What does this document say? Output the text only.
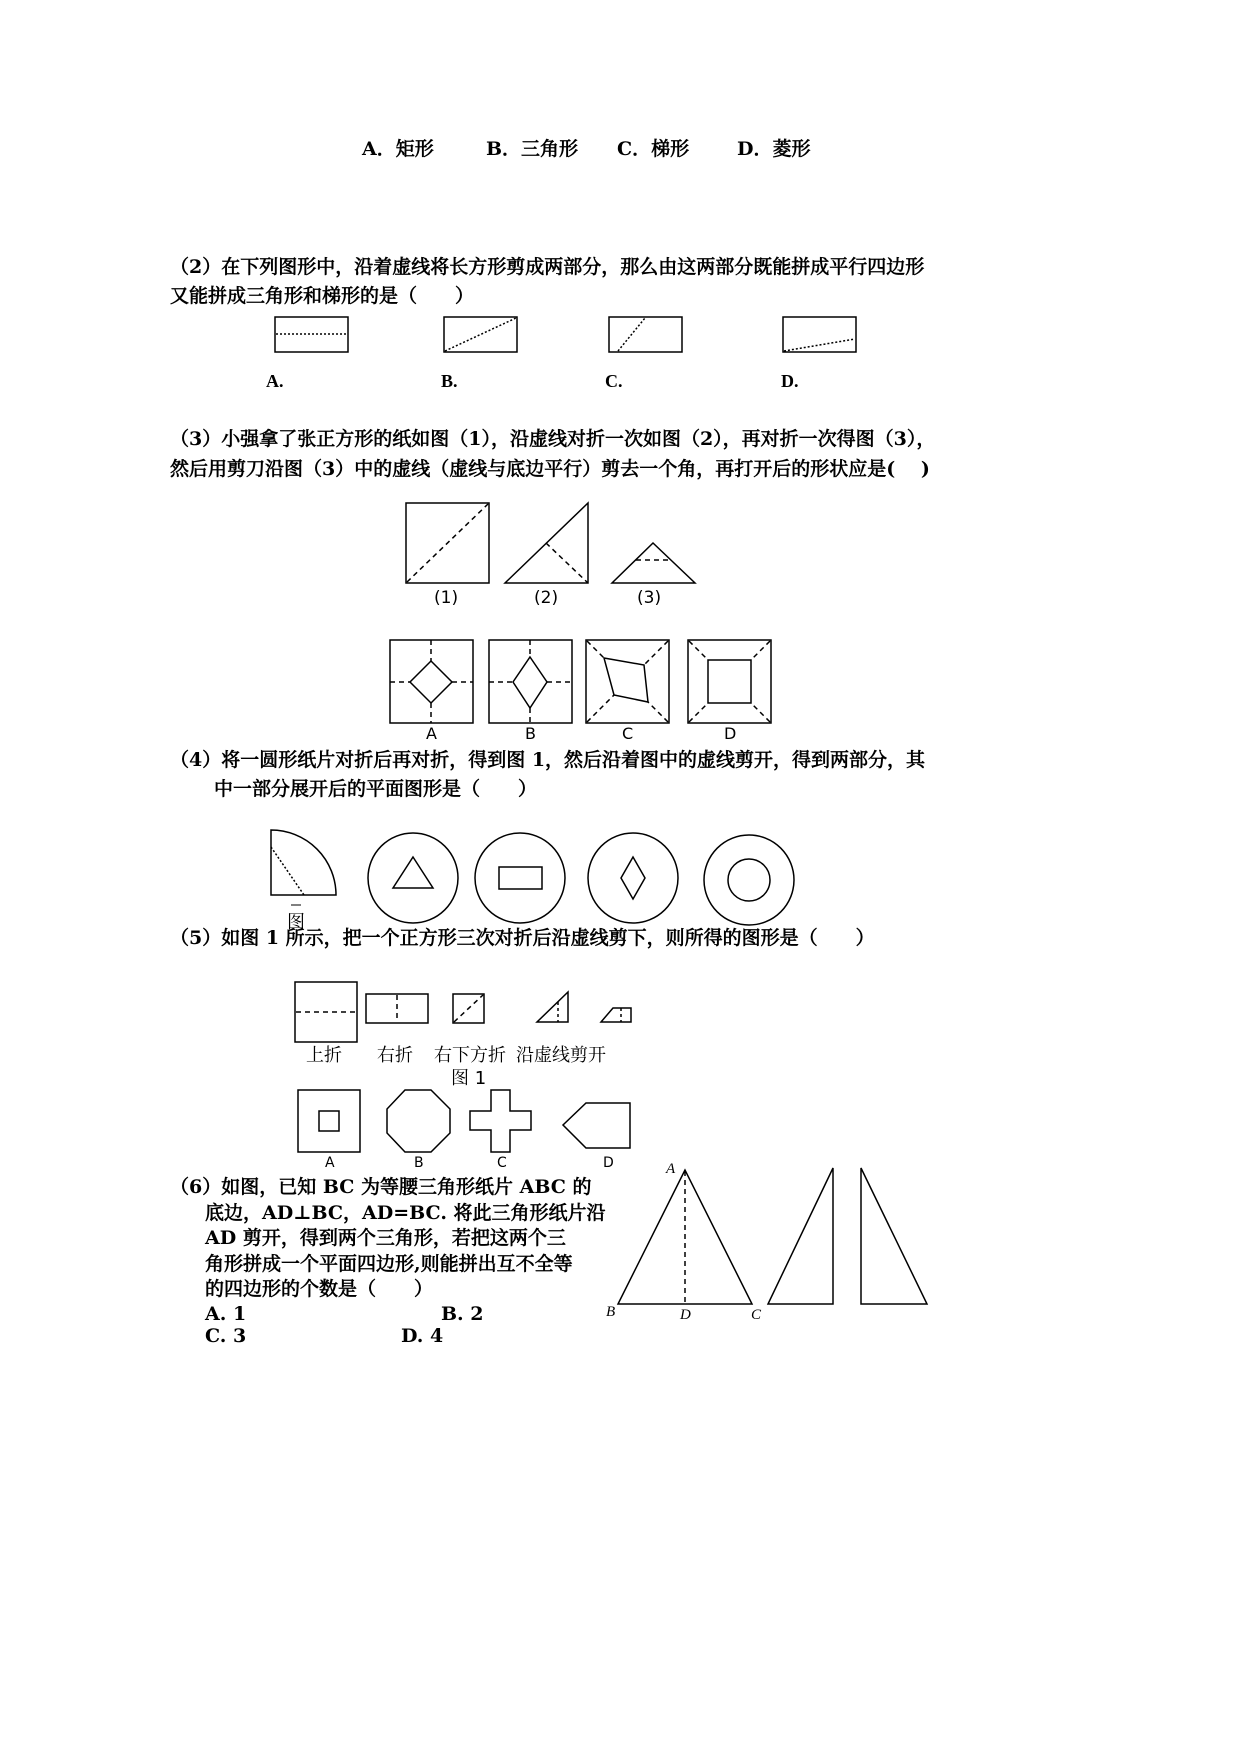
A．矩形	B．三角形 C．梯形	D．菱形
（2）在下列图形中，沿着虚线将长方形剪成两部分，那么由这两部分既能拼成平行四边形
又能拼成三角形和梯形的是（　　）
A.	B.	C.	D.
（3）小强拿了张正方形的纸如图（1），沿虚线对折一次如图（2），再对折一次得图（3），
然后用剪刀沿图（3）中的虚线（虚线与底边平行）剪去一个角，再打开后的形状应是(　 )
(1)	(2)	(3)
A	B	C	D
（4）将一圆形纸片对折后再对折，得到图 1，然后沿着图中的虚线剪开，得到两部分，其
中一部分展开后的平面图形是（　　）
图
（5）如图 1 所示，把一个正方形三次对折后沿虚线剪下，则所得的图形是（　　）
上折 右折 右下方折 沿虚线剪开
图 1
A	B	C	D
（6）如图，已知 BC 为等腰三角形纸片 ABC 的
底边，AD⊥BC，AD=BC. 将此三角形纸片沿
AD 剪开，得到两个三角形，若把这两个三
角形拼成一个平面四边形,则能拼出互不全等
的四边形的个数是（　　）
A. 1	B. 2
C. 3	D. 4
A
B	D	C
